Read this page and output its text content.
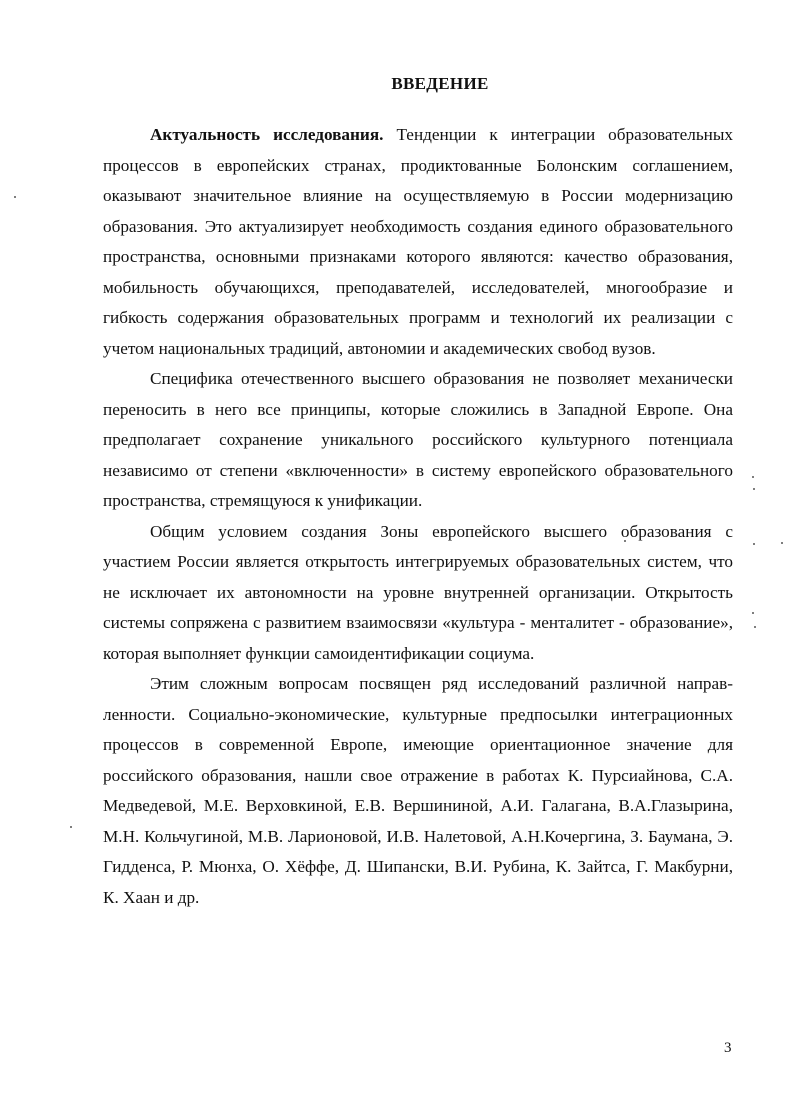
ВВЕДЕНИЕ

Актуальность исследования. Тенденции к интеграции образовательных процессов в европейских странах, продиктованные Болонским соглашением, оказывают значительное влияние на осуществляемую в России модернизацию образования. Это актуализирует необходимость создания единого образовательного пространства, основными признаками которого являются: качество образования, мобильность обучающихся, преподавателей, исследователей, многообразие и гибкость содержания образовательных программ и технологий их реализации с учетом национальных традиций, автономии и академических свобод вузов.

Специфика отечественного высшего образования не позволяет механически переносить в него все принципы, которые сложились в Западной Европе. Она предполагает сохранение уникального российского культурного потенциала независимо от степени «включенности» в систему европейского образовательного пространства, стремящуюся к унификации.

Общим условием создания Зоны европейского высшего образования с участием России является открытость интегрируемых образовательных систем, что не исключает их автономности на уровне внутренней организации. Открытость системы сопряжена с развитием взаимосвязи «культура - менталитет - образование», которая выполняет функции самоидентификации социума.

Этим сложным вопросам посвящен ряд исследований различной направленности. Социально-экономические, культурные предпосылки интеграционных процессов в современной Европе, имеющие ориентационное значение для российского образования, нашли свое отражение в работах К. Пурсиайнова, С.А. Медведевой, М.Е. Верховкиной, Е.В. Вершининой, А.И. Галагана, В.А.Глазырина, М.Н. Кольчугиной, М.В. Ларионовой, И.В. Налетовой, А.Н.Кочергина, З. Баумана, Э. Гидденса, Р. Мюнха, О. Хёффе, Д. Шипански, В.И. Рубина, К. Зайтса, Г. Макбурни, К. Хаан и др.

3
